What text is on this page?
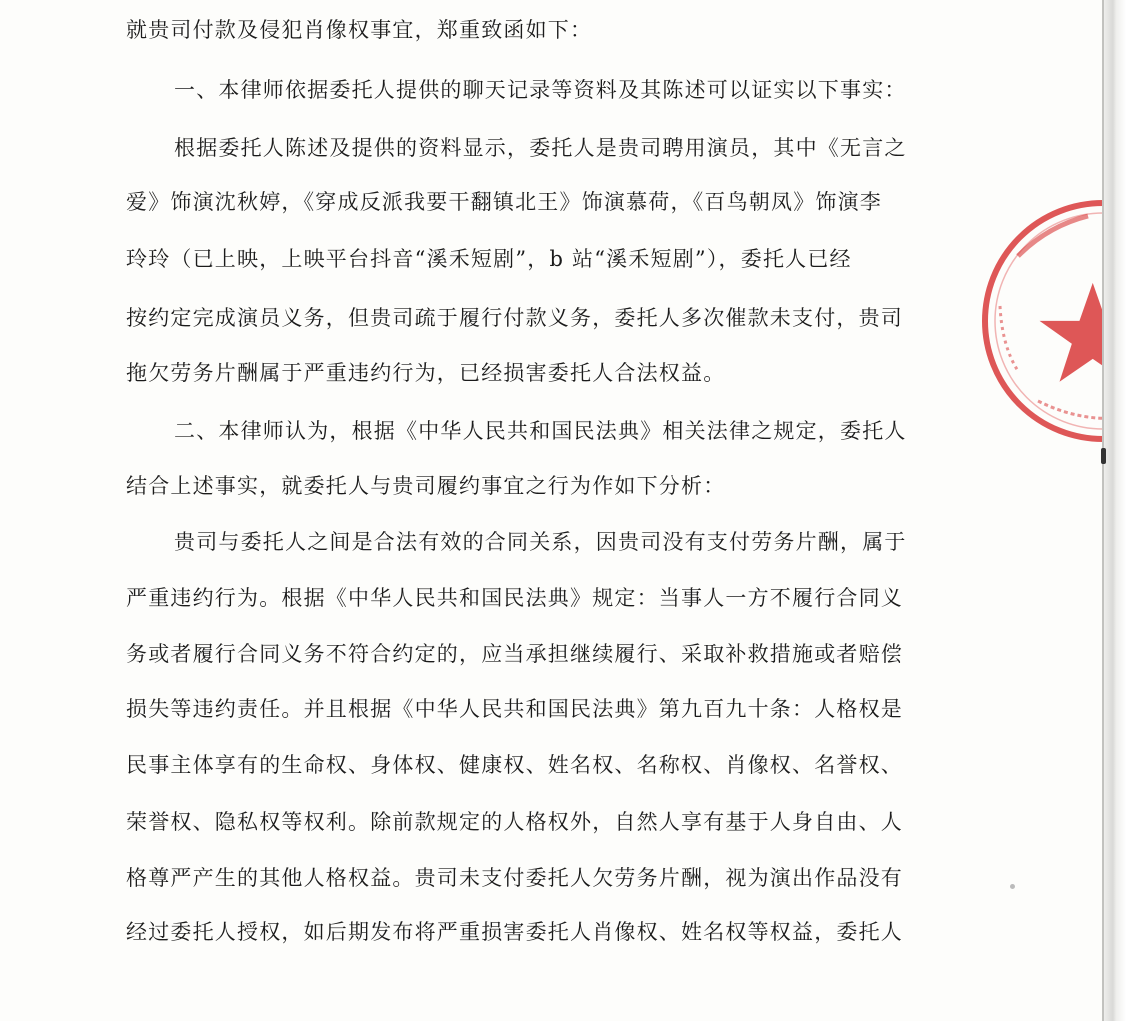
就贵司付款及侵犯肖像权事宜，郑重致函如下：
一、本律师依据委托人提供的聊天记录等资料及其陈述可以证实以下事实：
根据委托人陈述及提供的资料显示，委托人是贵司聘用演员，其中《无言之
爱》饰演沈秋婷，《穿成反派我要干翻镇北王》饰演慕荷，《百鸟朝凤》饰演李
玲玲（已上映，上映平台抖音“溪禾短剧”，b 站“溪禾短剧”），委托人已经
按约定完成演员义务，但贵司疏于履行付款义务，委托人多次催款未支付，贵司
拖欠劳务片酬属于严重违约行为，已经损害委托人合法权益。
二、本律师认为，根据《中华人民共和国民法典》相关法律之规定，委托人
结合上述事实，就委托人与贵司履约事宜之行为作如下分析：
贵司与委托人之间是合法有效的合同关系，因贵司没有支付劳务片酬，属于
严重违约行为。根据《中华人民共和国民法典》规定：当事人一方不履行合同义
务或者履行合同义务不符合约定的，应当承担继续履行、采取补救措施或者赔偿
损失等违约责任。并且根据《中华人民共和国民法典》第九百九十条：人格权是
民事主体享有的生命权、身体权、健康权、姓名权、名称权、肖像权、名誉权、
荣誉权、隐私权等权利。除前款规定的人格权外，自然人享有基于人身自由、人
格尊严产生的其他人格权益。贵司未支付委托人欠劳务片酬，视为演出作品没有
经过委托人授权，如后期发布将严重损害委托人肖像权、姓名权等权益，委托人
